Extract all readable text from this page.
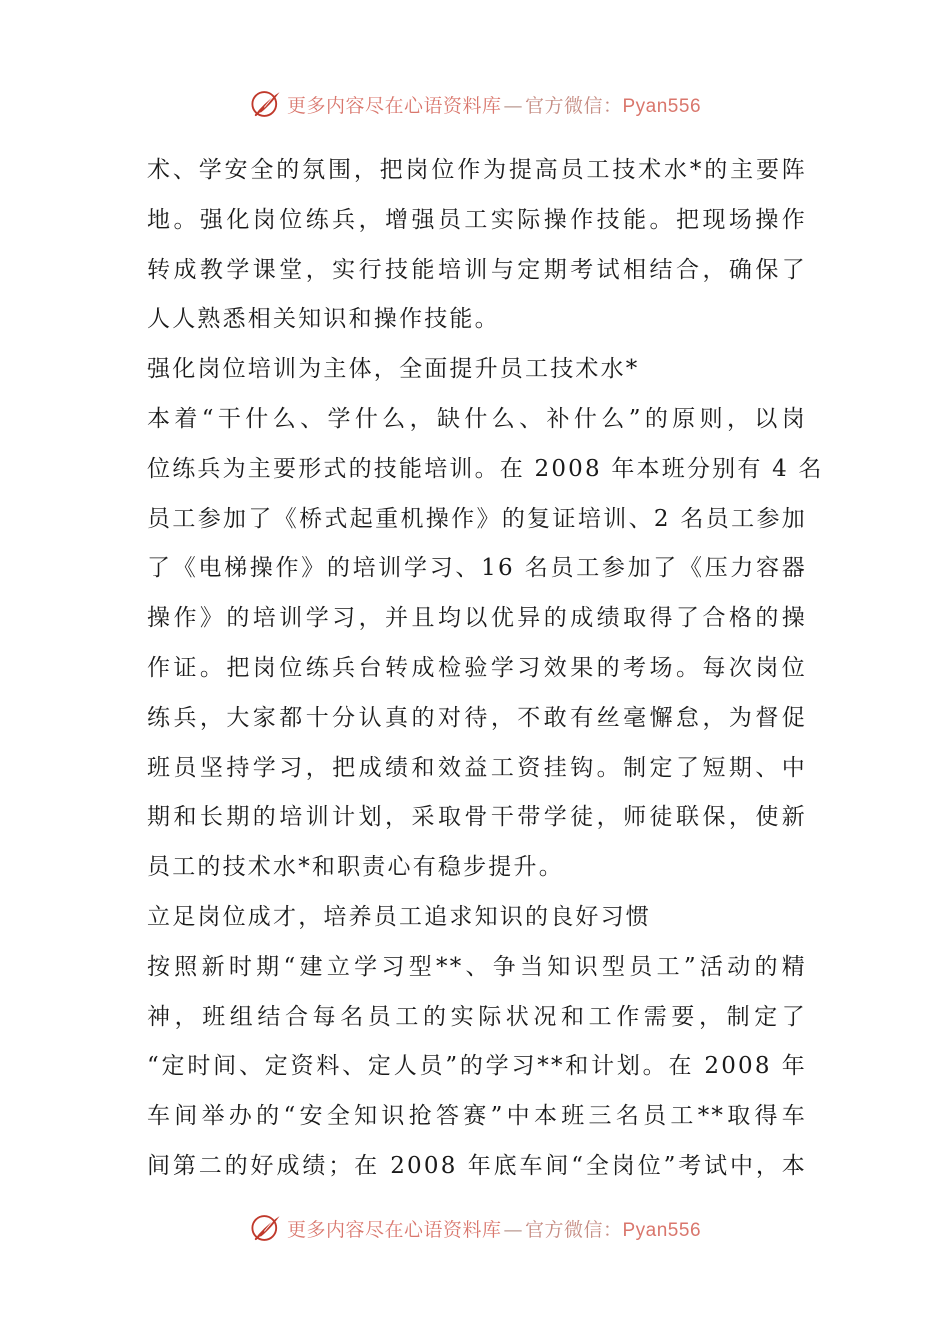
更多内容尽在心语资料库 — 官方微信：Pyan556
术、学安全的氛围，把岗位作为提高员工技术水*的主要阵
地。强化岗位练兵，增强员工实际操作技能。把现场操作
转成教学课堂，实行技能培训与定期考试相结合，确保了
人人熟悉相关知识和操作技能。
强化岗位培训为主体，全面提升员工技术水*
本着“干什么、学什么，缺什么、补什么”的原则，以岗
位练兵为主要形式的技能培训。在 2008 年本班分别有 4 名
员工参加了《桥式起重机操作》的复证培训、2 名员工参加
了《电梯操作》的培训学习、16 名员工参加了《压力容器
操作》的培训学习，并且均以优异的成绩取得了合格的操
作证。把岗位练兵台转成检验学习效果的考场。每次岗位
练兵，大家都十分认真的对待，不敢有丝毫懈怠，为督促
班员坚持学习，把成绩和效益工资挂钩。制定了短期、中
期和长期的培训计划，采取骨干带学徒，师徒联保，使新
员工的技术水*和职责心有稳步提升。
立足岗位成才，培养员工追求知识的良好习惯
按照新时期“建立学习型**、争当知识型员工”活动的精
神，班组结合每名员工的实际状况和工作需要，制定了
“定时间、定资料、定人员”的学习**和计划。在 2008 年
车间举办的“安全知识抢答赛”中本班三名员工**取得车
间第二的好成绩；在 2008 年底车间“全岗位”考试中，本
更多内容尽在心语资料库 — 官方微信：Pyan556
